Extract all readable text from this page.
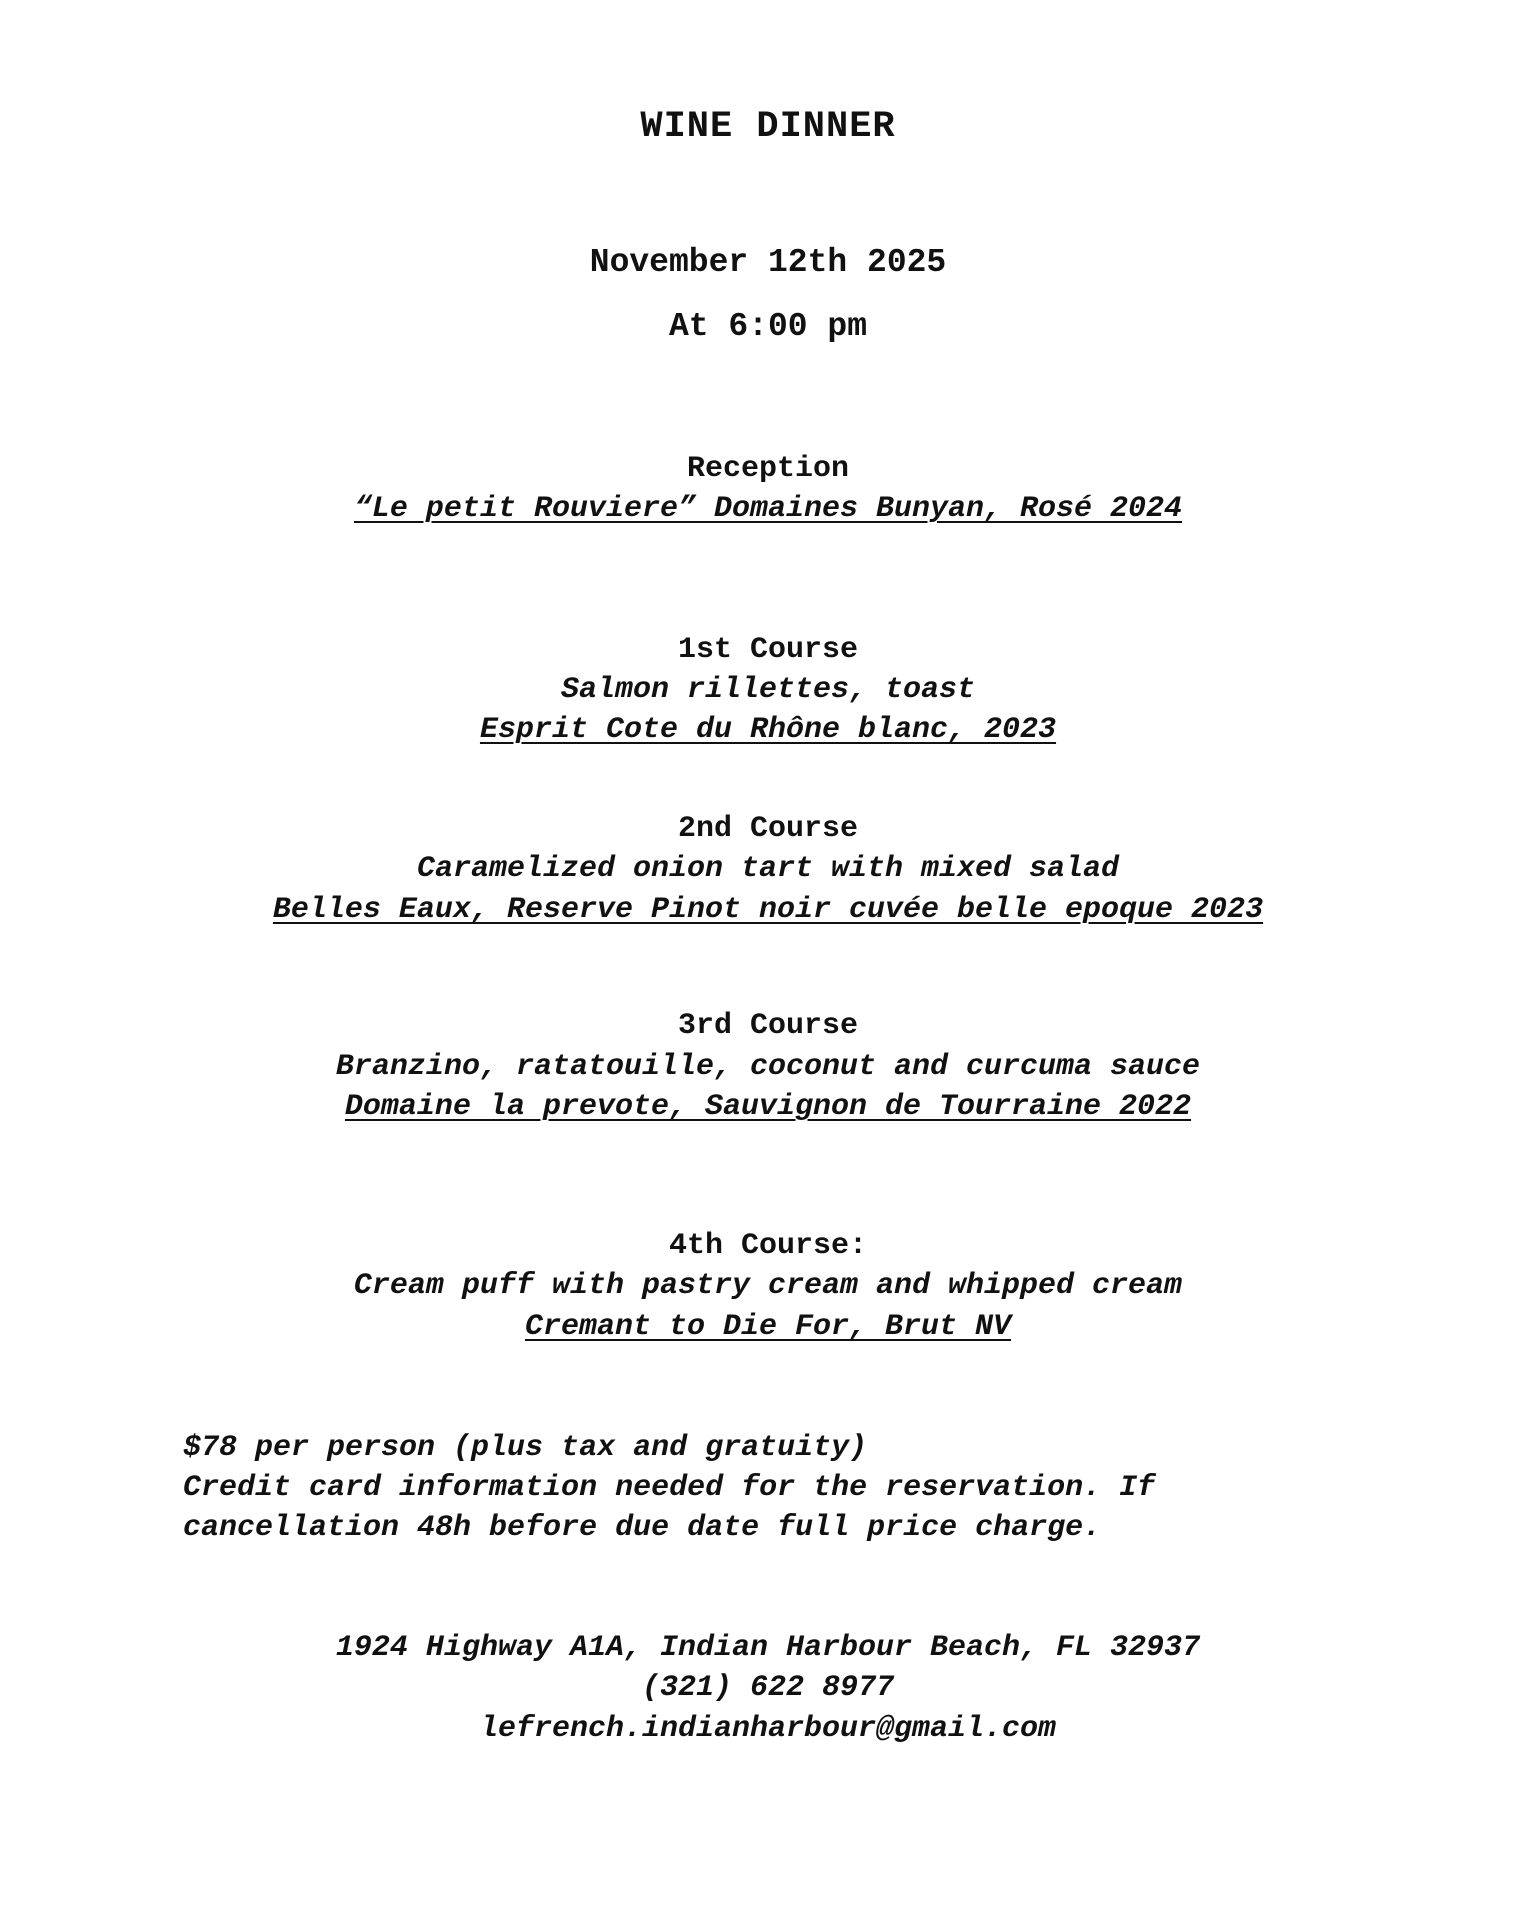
WINE DINNER
November 12th 2025
At 6:00 pm
Reception
“Le petit Rouviere” Domaines Bunyan, Rosé 2024
1st Course
Salmon rillettes, toast
Esprit Cote du Rhône blanc, 2023
2nd Course
Caramelized onion tart with mixed salad
Belles Eaux, Reserve Pinot noir cuvée belle epoque 2023
3rd Course
Branzino, ratatouille, coconut and curcuma sauce
Domaine la prevote, Sauvignon de Tourraine 2022
4th Course:
Cream puff with pastry cream and whipped cream
Cremant to Die For, Brut NV
$78 per person (plus tax and gratuity)
Credit card information needed for the reservation. If
cancellation 48h before due date full price charge.
1924 Highway A1A, Indian Harbour Beach, FL 32937
(321) 622 8977
lefrench.indianharbour@gmail.com
